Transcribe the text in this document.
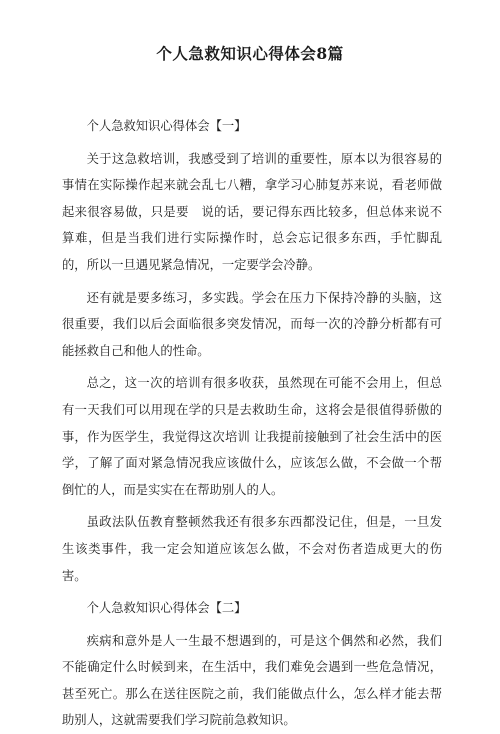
个人急救知识心得体会8篇

个人急救知识心得体会【一】

关于这急救培训，我感受到了培训的重要性，原本以为很容易的事情在实际操作起来就会乱七八糟，拿学习心肺复苏来说，看老师做起来很容易做，只是要　说的话，要记得东西比较多，但总体来说不算难，但是当我们进行实际操作时，总会忘记很多东西，手忙脚乱的，所以一旦遇见紧急情况，一定要学会冷静。

还有就是要多练习，多实践。学会在压力下保持冷静的头脑，这很重要，我们以后会面临很多突发情况，而每一次的冷静分析都有可能拯救自己和他人的性命。

总之，这一次的培训有很多收获，虽然现在可能不会用上，但总有一天我们可以用现在学的只是去救助生命，这将会是很值得骄傲的事，作为医学生，我觉得这次培训 让我提前接触到了社会生活中的医学，了解了面对紧急情况我应该做什么，应该怎么做，不会做一个帮倒忙的人，而是实实在在帮助别人的人。

虽政法队伍教育整顿然我还有很多东西都没记住，但是，一旦发生该类事件，我一定会知道应该怎么做，不会对伤者造成更大的伤害。

个人急救知识心得体会【二】

疾病和意外是人一生最不想遇到的，可是这个偶然和必然，我们不能确定什么时候到来，在生活中，我们难免会遇到一些危急情况，甚至死亡。那么在送往医院之前，我们能做点什么，怎么样才能去帮助别人，这就需要我们学习院前急救知识。
